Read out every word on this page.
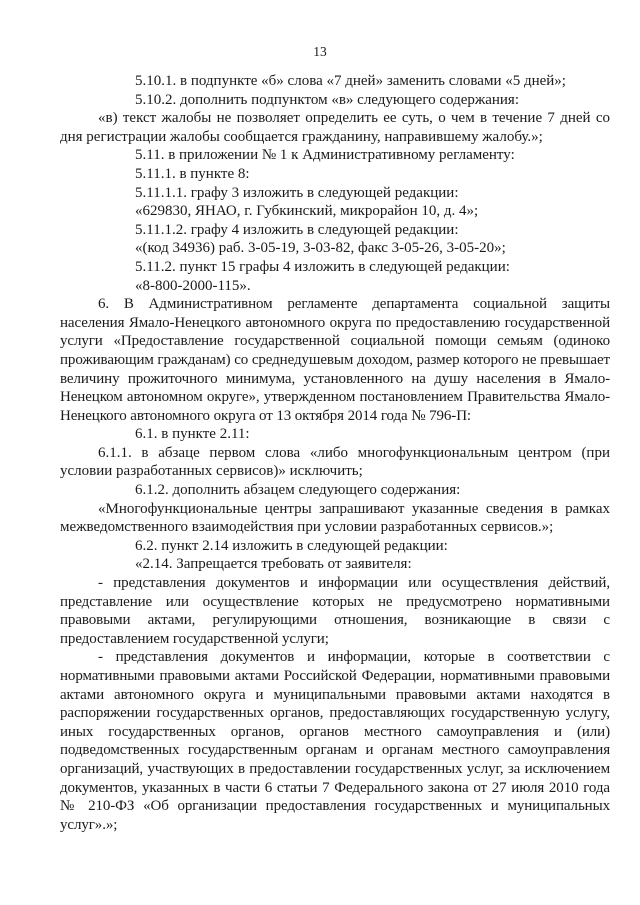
13

5.10.1. в подпункте «б» слова «7 дней» заменить словами «5 дней»;

5.10.2. дополнить подпунктом «в» следующего содержания:

«в) текст жалобы не позволяет определить ее суть, о чем в течение 7 дней со дня регистрации жалобы сообщается гражданину, направившему жалобу.»;

5.11. в приложении № 1 к Административному регламенту:

5.11.1. в пункте 8:

5.11.1.1. графу 3 изложить в следующей редакции:

«629830, ЯНАО, г. Губкинский, микрорайон 10, д. 4»;

5.11.1.2. графу 4 изложить в следующей редакции:

«(код 34936) раб. 3-05-19, 3-03-82, факс 3-05-26, 3-05-20»;

5.11.2. пункт 15 графы 4 изложить в следующей редакции:

«8-800-2000-115».

6. В Административном регламенте департамента социальной защиты населения Ямало-Ненецкого автономного округа по предоставлению государственной услуги «Предоставление государственной социальной помощи семьям (одиноко проживающим гражданам) со среднедушевым доходом, размер которого не превышает величину прожиточного минимума, установленного на душу населения в Ямало-Ненецком автономном округе», утвержденном постановлением Правительства Ямало-Ненецкого автономного округа от 13 октября 2014 года № 796-П:

6.1. в пункте 2.11:

6.1.1. в абзаце первом слова «либо многофункциональным центром (при условии разработанных сервисов)» исключить;

6.1.2. дополнить абзацем следующего содержания:

«Многофункциональные центры запрашивают указанные сведения в рамках межведомственного взаимодействия при условии разработанных сервисов.»;

6.2. пункт 2.14 изложить в следующей редакции:

«2.14. Запрещается требовать от заявителя:

- представления документов и информации или осуществления действий, представление или осуществление которых не предусмотрено нормативными правовыми актами, регулирующими отношения, возникающие в связи с предоставлением государственной услуги;

- представления документов и информации, которые в соответствии с нормативными правовыми актами Российской Федерации, нормативными правовыми актами автономного округа и муниципальными правовыми актами находятся в распоряжении государственных органов, предоставляющих государственную услугу, иных государственных органов, органов местного самоуправления и (или) подведомственных государственным органам и органам местного самоуправления организаций, участвующих в предоставлении государственных услуг, за исключением документов, указанных в части 6 статьи 7 Федерального закона от 27 июля 2010 года № 210-ФЗ «Об организации предоставления государственных и муниципальных услуг».»;
